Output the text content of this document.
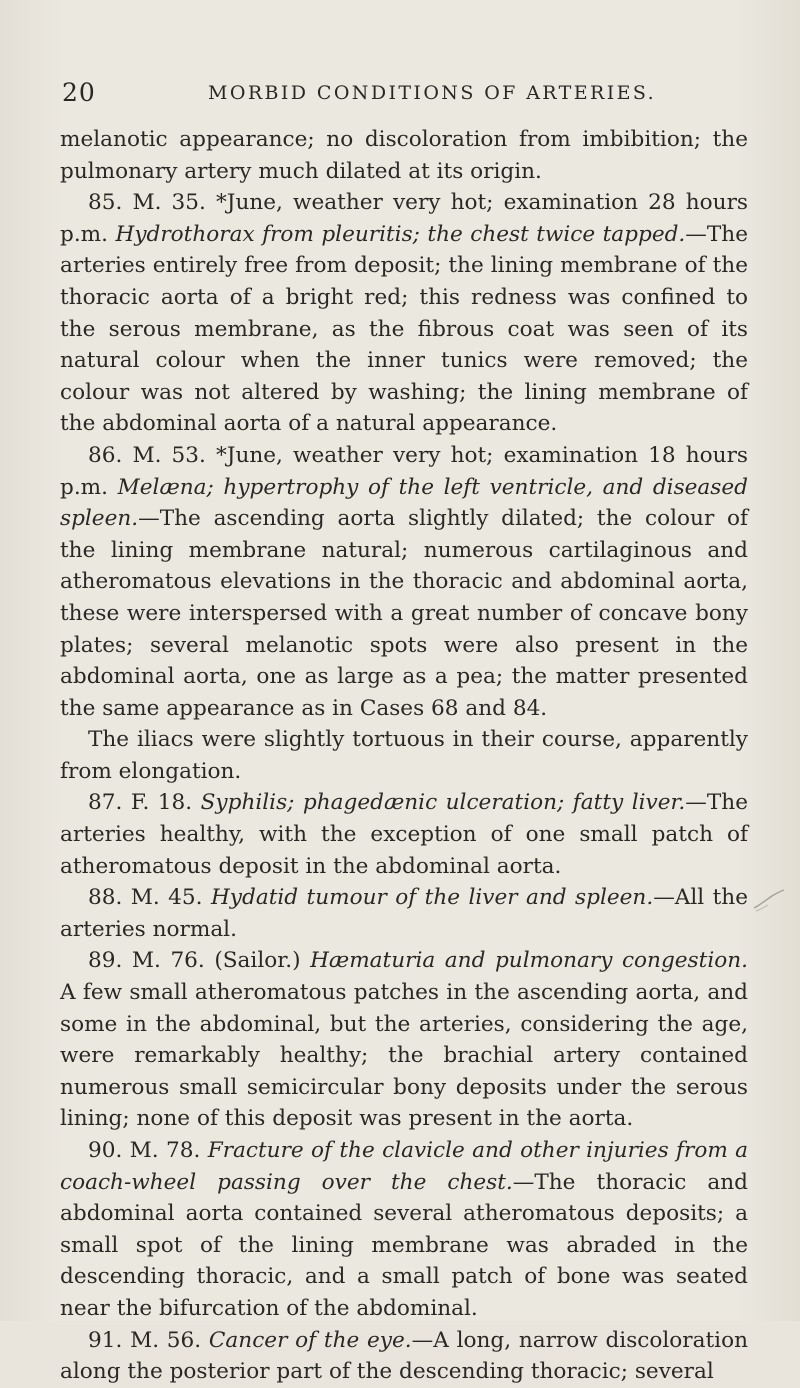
20	MORBID CONDITIONS OF ARTERIES.

melanotic appearance; no discoloration from imbibition; the pulmonary artery much dilated at its origin.

85. M. 35. *June, weather very hot; examination 28 hours p.m. Hydrothorax from pleuritis; the chest twice tapped.—The arteries entirely free from deposit; the lining membrane of the thoracic aorta of a bright red; this redness was confined to the serous membrane, as the fibrous coat was seen of its natural colour when the inner tunics were removed; the colour was not altered by washing; the lining membrane of the abdominal aorta of a natural appearance.

86. M. 53. *June, weather very hot; examination 18 hours p.m. Melæna; hypertrophy of the left ventricle, and diseased spleen.—The ascending aorta slightly dilated; the colour of the lining membrane natural; numerous cartilaginous and atheromatous elevations in the thoracic and abdominal aorta, these were interspersed with a great number of concave bony plates; several melanotic spots were also present in the abdominal aorta, one as large as a pea; the matter presented the same appearance as in Cases 68 and 84.

The iliacs were slightly tortuous in their course, apparently from elongation.

87. F. 18. Syphilis; phagedænic ulceration; fatty liver.—The arteries healthy, with the exception of one small patch of atheromatous deposit in the abdominal aorta.

88. M. 45. Hydatid tumour of the liver and spleen.—All the arteries normal.

89. M. 76. (Sailor.) Hæmaturia and pulmonary congestion. A few small atheromatous patches in the ascending aorta, and some in the abdominal, but the arteries, considering the age, were remarkably healthy; the brachial artery contained numerous small semicircular bony deposits under the serous lining; none of this deposit was present in the aorta.

90. M. 78. Fracture of the clavicle and other injuries from a coach-wheel passing over the chest.—The thoracic and abdominal aorta contained several atheromatous deposits; a small spot of the lining membrane was abraded in the descending thoracic, and a small patch of bone was seated near the bifurcation of the abdominal.

91. M. 56. Cancer of the eye.—A long, narrow discoloration along the posterior part of the descending thoracic; several
